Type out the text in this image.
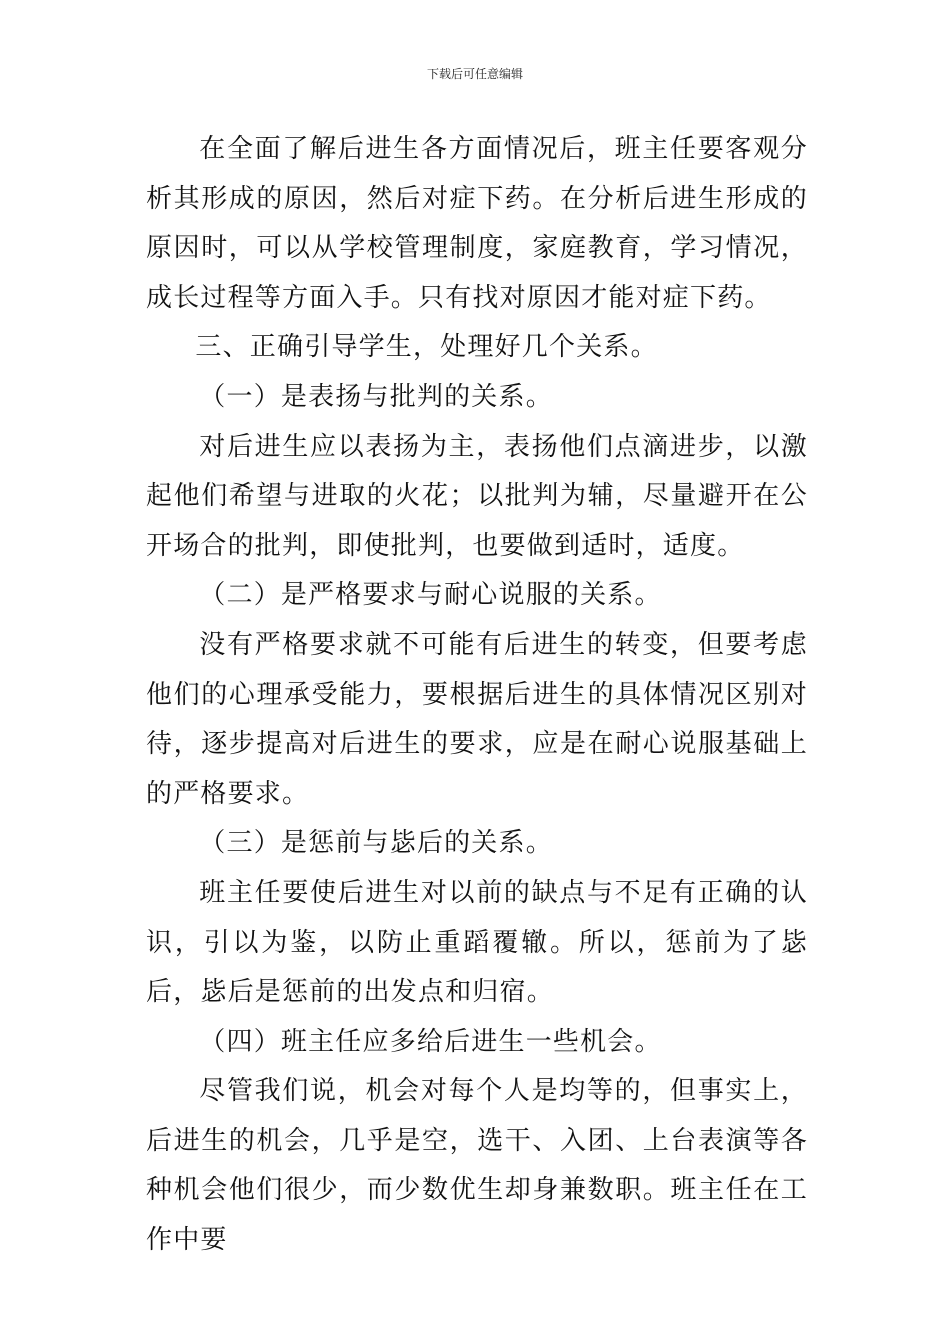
下载后可任意编辑

在全面了解后进生各方面情况后，班主任要客观分析其形成的原因，然后对症下药。在分析后进生形成的原因时，可以从学校管理制度，家庭教育，学习情况，成长过程等方面入手。只有找对原因才能对症下药。

三、正确引导学生，处理好几个关系。

（一）是表扬与批判的关系。

对后进生应以表扬为主，表扬他们点滴进步，以激起他们希望与进取的火花；以批判为辅，尽量避开在公开场合的批判，即使批判，也要做到适时，适度。

（二）是严格要求与耐心说服的关系。

没有严格要求就不可能有后进生的转变，但要考虑他们的心理承受能力，要根据后进生的具体情况区别对待，逐步提高对后进生的要求，应是在耐心说服基础上的严格要求。

（三）是惩前与毖后的关系。

班主任要使后进生对以前的缺点与不足有正确的认识，引以为鉴，以防止重蹈覆辙。所以，惩前为了毖后，毖后是惩前的出发点和归宿。

（四）班主任应多给后进生一些机会。

尽管我们说，机会对每个人是均等的，但事实上，后进生的机会，几乎是空，选干、入团、上台表演等各种机会他们很少，而少数优生却身兼数职。班主任在工作中要
